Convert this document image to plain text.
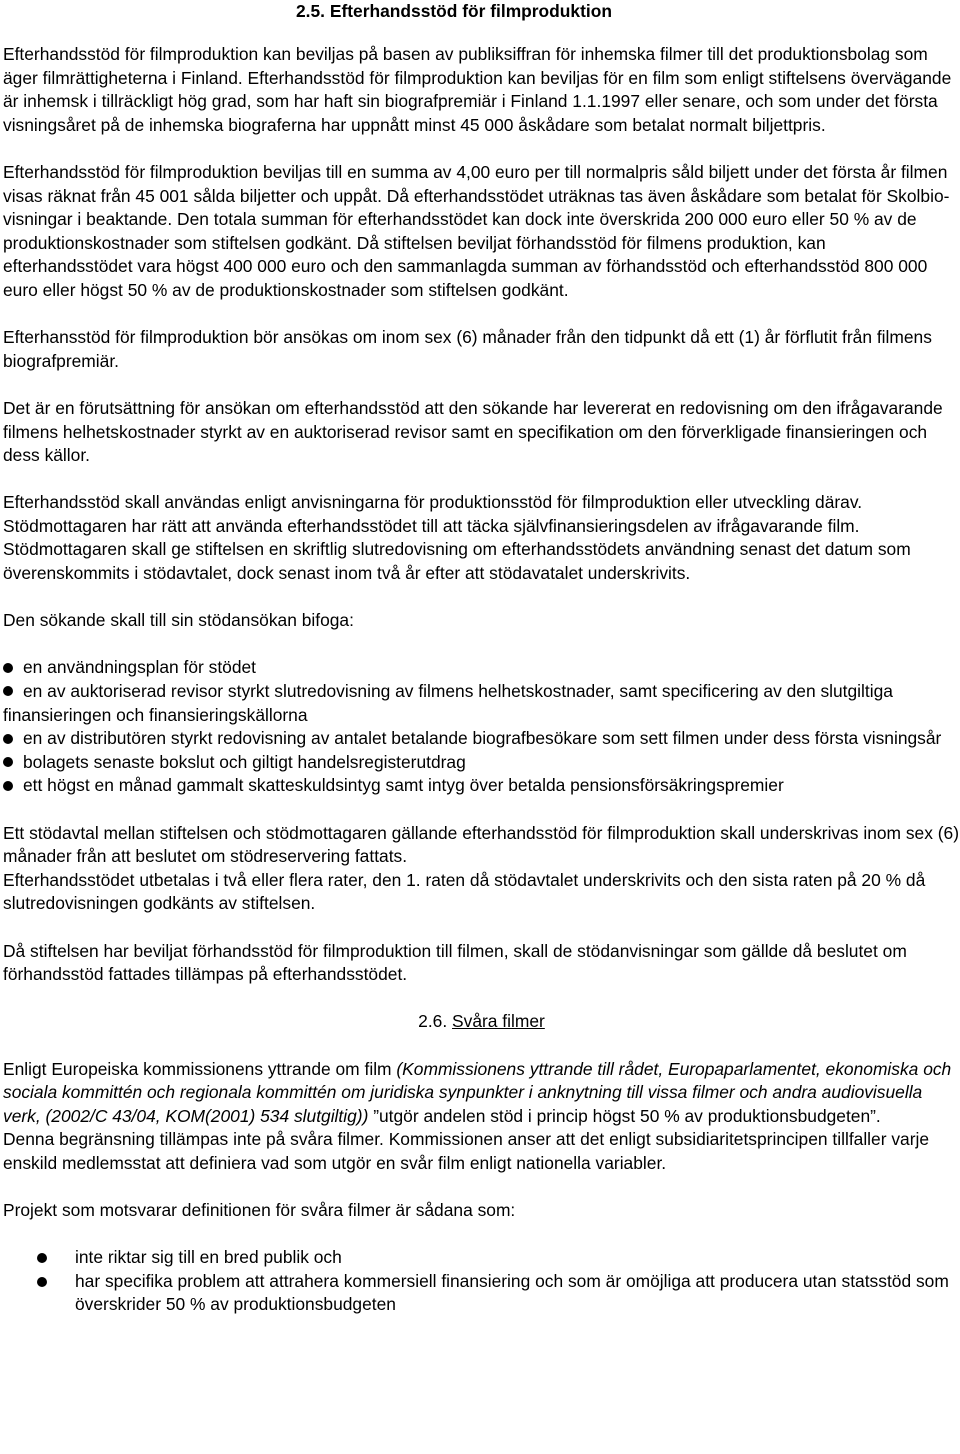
2.5. Efterhandsstöd för filmproduktion

Efterhandsstöd för filmproduktion kan beviljas på basen av publiksiffran för inhemska filmer till det produktionsbolag som äger filmrättigheterna i Finland. Efterhandsstöd för filmproduktion kan beviljas för en film som enligt stiftelsens övervägande är inhemsk i tillräckligt hög grad, som har haft sin biografpremiär i Finland 1.1.1997 eller senare, och som under det första visningsåret på de inhemska biograferna har uppnått minst 45 000 åskådare som betalat normalt biljettpris.

Efterhandsstöd för filmproduktion beviljas till en summa av 4,00 euro per till normalpris såld biljett under det första år filmen visas räknat från 45 001 sålda biljetter och uppåt. Då efterhandsstödet uträknas tas även åskådare som betalat för Skolbio-visningar i beaktande. Den totala summan för efterhandsstödet kan dock inte överskrida 200 000 euro eller 50 % av de produktionskostnader som stiftelsen godkänt. Då stiftelsen beviljat förhandsstöd för filmens produktion, kan efterhandsstödet vara högst 400 000 euro och den sammanlagda summan av förhandsstöd och efterhandsstöd 800 000 euro eller högst 50 % av de produktionskostnader som stiftelsen godkänt.

Efterhansstöd för filmproduktion bör ansökas om inom sex (6) månader från den tidpunkt då ett (1) år förflutit från filmens biografpremiär.

Det är en förutsättning för ansökan om efterhandsstöd att den sökande har levererat en redovisning om den ifrågavarande filmens helhetskostnader styrkt av en auktoriserad revisor samt en specifikation om den förverkligade finansieringen och dess källor.

Efterhandsstöd skall användas enligt anvisningarna för produktionsstöd för filmproduktion eller utveckling därav. Stödmottagaren har rätt att använda efterhandsstödet till att täcka självfinansieringsdelen av ifrågavarande film. Stödmottagaren skall ge stiftelsen en skriftlig slutredovisning om efterhandsstödets användning senast det datum som överenskommits i stödavtalet, dock senast inom två år efter att stödavatalet underskrivits.

Den sökande skall till sin stödansökan bifoga:

en användningsplan för stödet
en av auktoriserad revisor styrkt slutredovisning av filmens helhetskostnader, samt specificering av den slutgiltiga finansieringen och finansieringskällorna
en av distributören styrkt redovisning av antalet betalande biografbesökare som sett filmen under dess första visningsår
bolagets senaste bokslut och giltigt handelsregisterutdrag
ett högst en månad gammalt skatteskuldsintyg samt intyg över betalda pensionsförsäkringspremier

Ett stödavtal mellan stiftelsen och stödmottagaren gällande efterhandsstöd för filmproduktion skall underskrivas inom sex (6) månader från att beslutet om stödreservering fattats.

Efterhandsstödet utbetalas i två eller flera rater, den 1. raten då stödavtalet underskrivits och den sista raten på 20 % då slutredovisningen godkänts av stiftelsen.

Då stiftelsen har beviljat förhandsstöd för filmproduktion till filmen, skall de stödanvisningar som gällde då beslutet om förhandsstöd fattades tillämpas på efterhandsstödet.

2.6. Svåra filmer

Enligt Europeiska kommissionens yttrande om film (Kommissionens yttrande till rådet, Europaparlamentet, ekonomiska och sociala kommittén och regionala kommittén om juridiska synpunkter i anknytning till vissa filmer och andra audiovisuella verk, (2002/C 43/04, KOM(2001) 534 slutgiltig)) ”utgör andelen stöd i princip högst 50 % av produktionsbudgeten”.

Denna begränsning tillämpas inte på svåra filmer. Kommissionen anser att det enligt subsidiaritetsprincipen tillfaller varje enskild medlemsstat att definiera vad som utgör en svår film enligt nationella variabler.

Projekt som motsvarar definitionen för svåra filmer är sådana som:

inte riktar sig till en bred publik och
har specifika problem att attrahera kommersiell finansiering och som är omöjliga att producera utan statsstöd som överskrider 50 % av produktionsbudgeten
